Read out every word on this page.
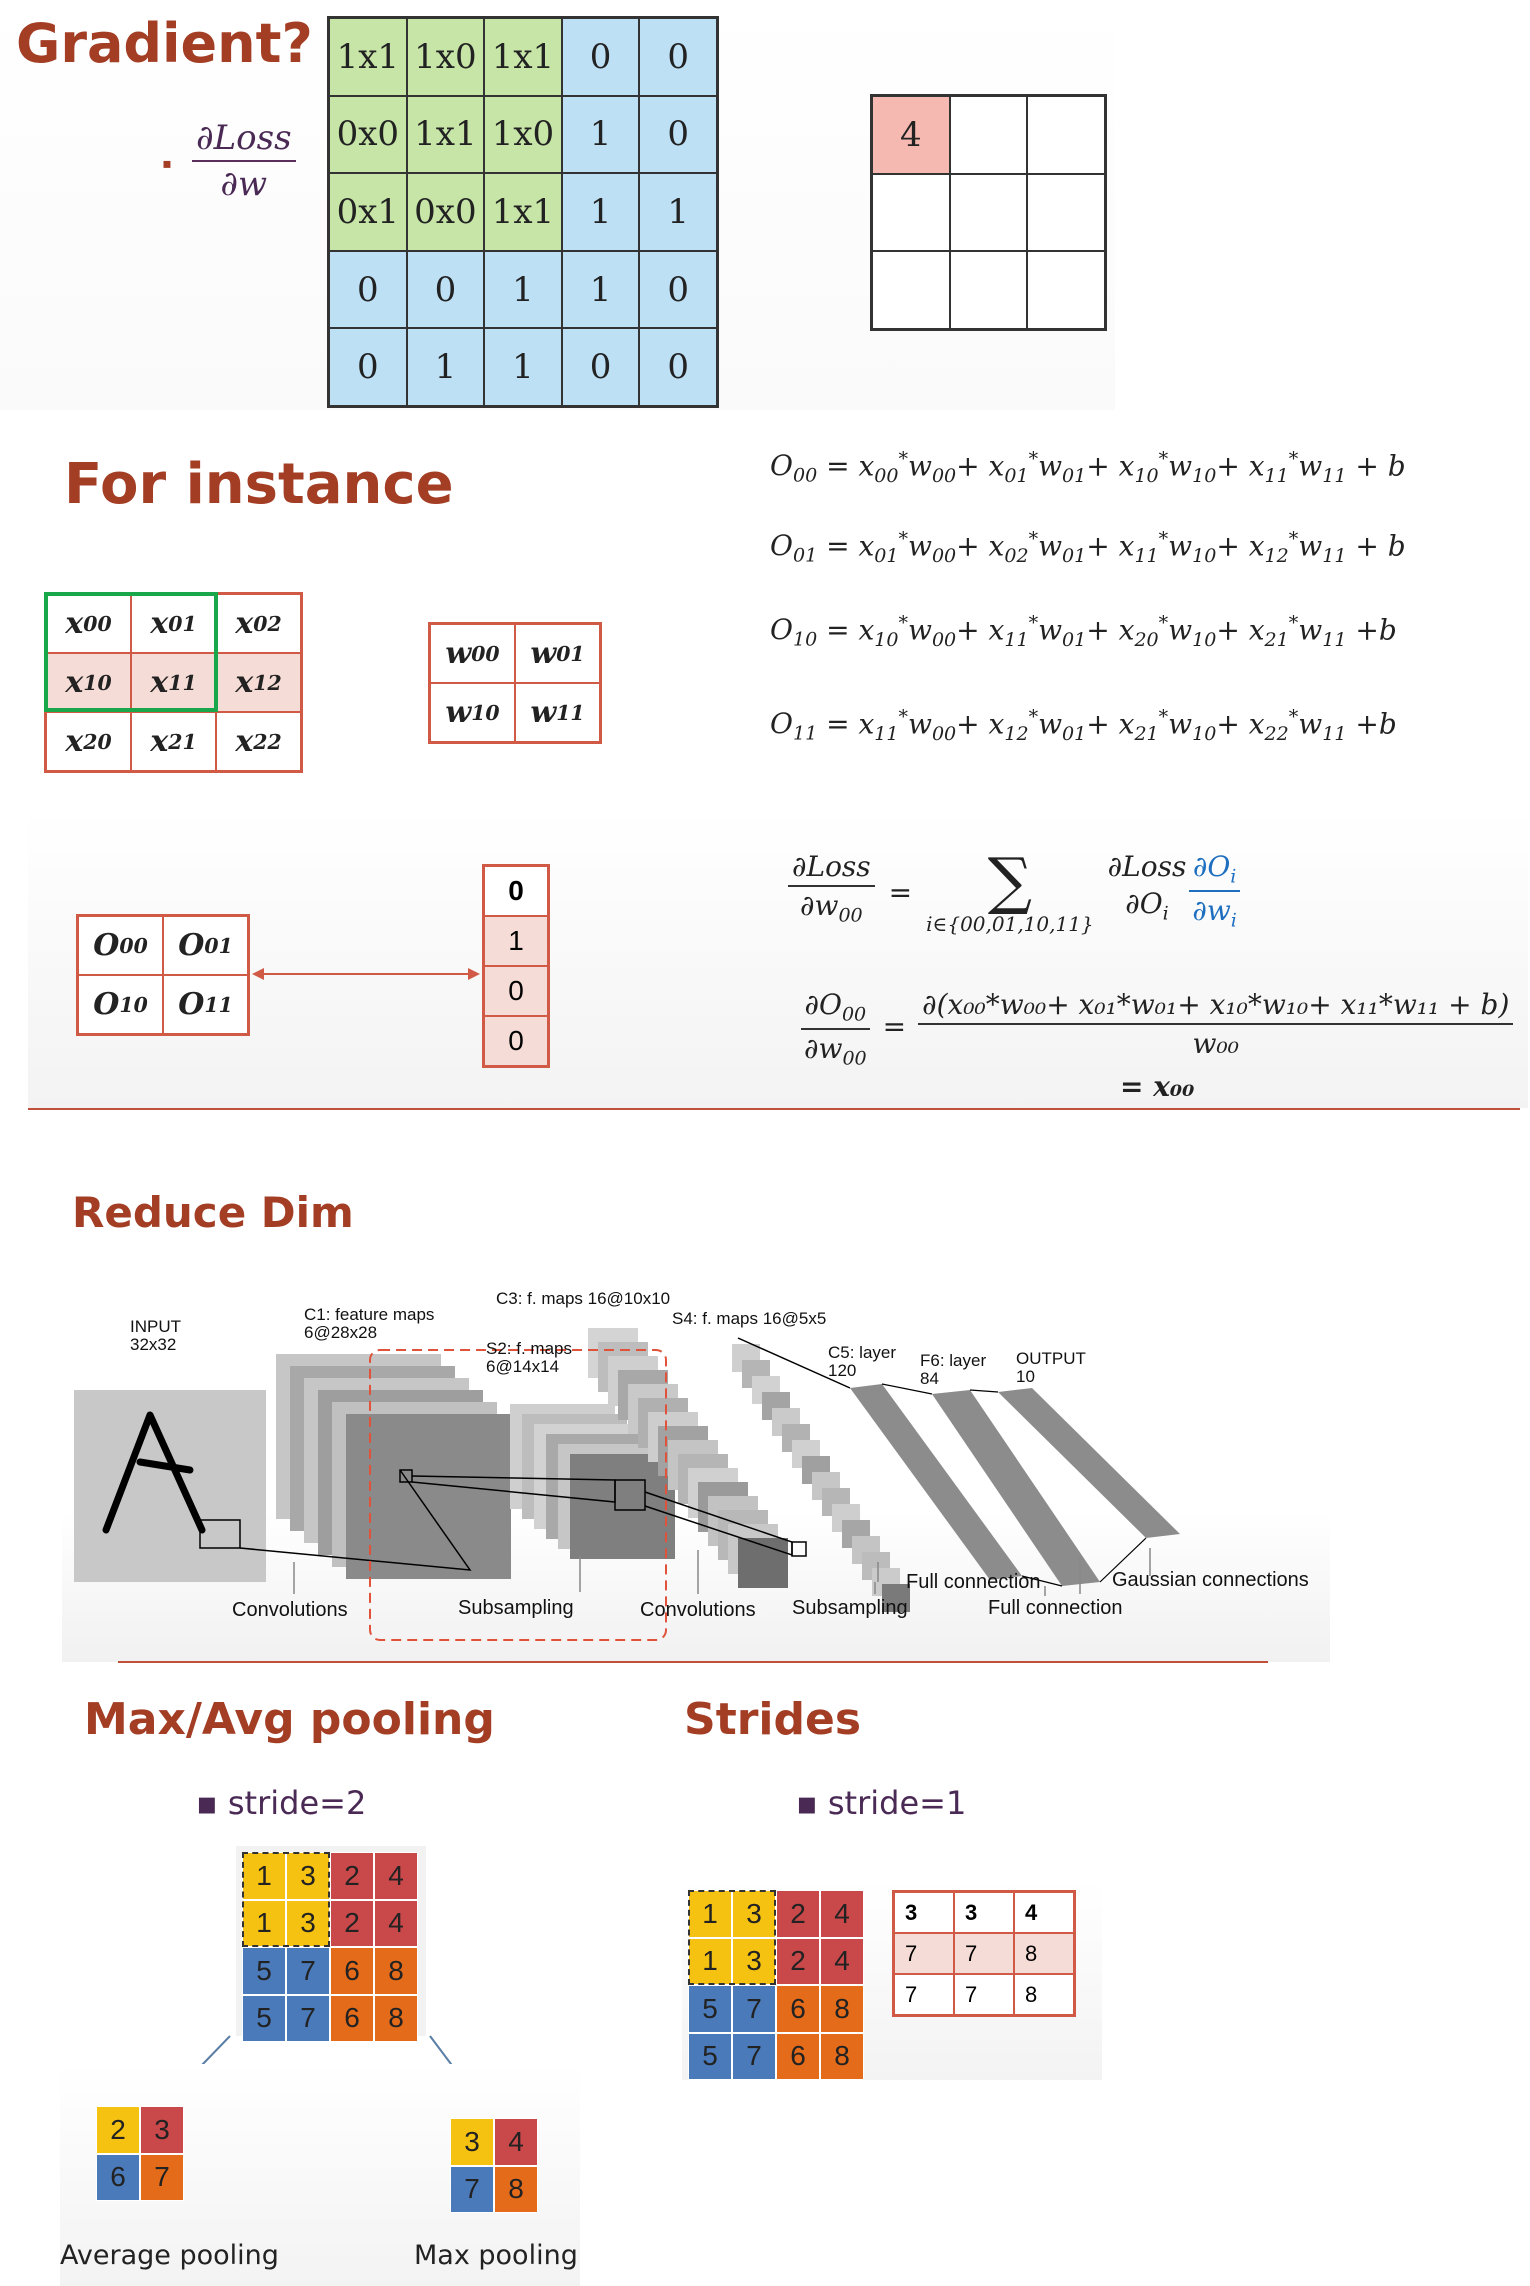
Gradient?
▪
∂Loss
∂w
1x1 1x0 1x1	0	0
0x0 1x1 1x0	1	0
0x1 0x0 1x1	1	1
0	0	1	1	0
0	1	1	0	0
4
For instance
x 00 x 01 x 02
x 10 x 11 x 12
x 20 x 21 x 22
w 00 w 01
w 10 w 11
O 00 O 01
O 10 O 11
0
1
0
0
$O_{00} = x_{00}^*w_{00}+ x_{01}^*w_{01}+ x_{10}^*w_{10}+ x_{11}^*w_{11} + b$
$O_{01} = x_{01}^*w_{00}+ x_{02}^*w_{01}+ x_{11}^*w_{10}+ x_{12}^*w_{11} + b$
$O_{10} = x_{10}^*w_{00}+ x_{11}^*w_{01}+ x_{20}^*w_{10}+ x_{21}^*w_{11} +b$
$O_{11} = x_{11}^*w_{00}+ x_{12}^*w_{01}+ x_{21}^*w_{10}+ x_{22}^*w_{11} +b$
$\frac{\text{∂Loss}}{\partial w_{00}}$ = ∑
i∈{00,01,10,11}
∂Loss
$\partial O_i \frac{\partial O_i}{\partial w_i}$
$\frac{\partial O_{00}}{\partial w_{00}} = \frac{\text{∂(x₀₀*w₀₀+ x₀₁*w₀₁+ x₁₀*w₁₀+ x₁₁*w₁₁ + b)}}{\text{w₀₀}}$
= x₀₀
Reduce Dim
INPUT
32x32
C1: feature maps
6@28x28
C3: f. maps 16@10x10
S2: f. maps
6@14x14
S4: f. maps 16@5x5
C5: layer
120
F6: layer
84
OUTPUT
10
Convolutions	Subsampling	Convolutions Subsampling
Full connection
Full connection
Gaussian connections
Max/Avg pooling
▪ stride=2
1	3	2	4
1	3	2	4
5	7	6	8
5	7	6	8
2	3
6	7
3	4
7	8
Average pooling	Max pooling
Strides
▪ stride=1
1	3	2	4
1	3	2	4
5	7	6	8
5	7	6	8
3	3	4
7	7	8
7	7	8
